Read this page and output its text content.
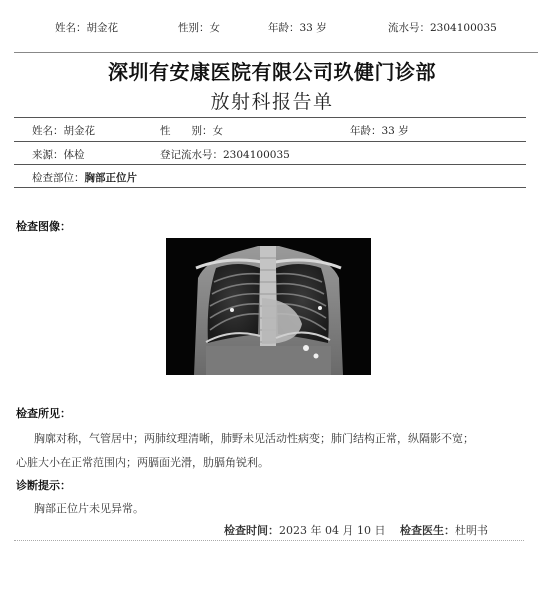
姓名：胡金花	性别：女	年龄：33 岁	流水号：2304100035
深圳有安康医院有限公司玖健门诊部
放射科报告单
姓名：胡金花	性　　别：女	年龄：33 岁
来源：体检	登记流水号：2304100035
检查部位：胸部正位片
检查图像：
检查所见：
胸廓对称，气管居中；两肺纹理清晰，肺野未见活动性病变；肺门结构正常，纵隔影不宽；
心脏大小在正常范围内；两膈面光滑，肋膈角锐利。
诊断提示：
胸部正位片未见异常。
检查时间：2023 年 04 月 10 日 检查医生：杜明书
